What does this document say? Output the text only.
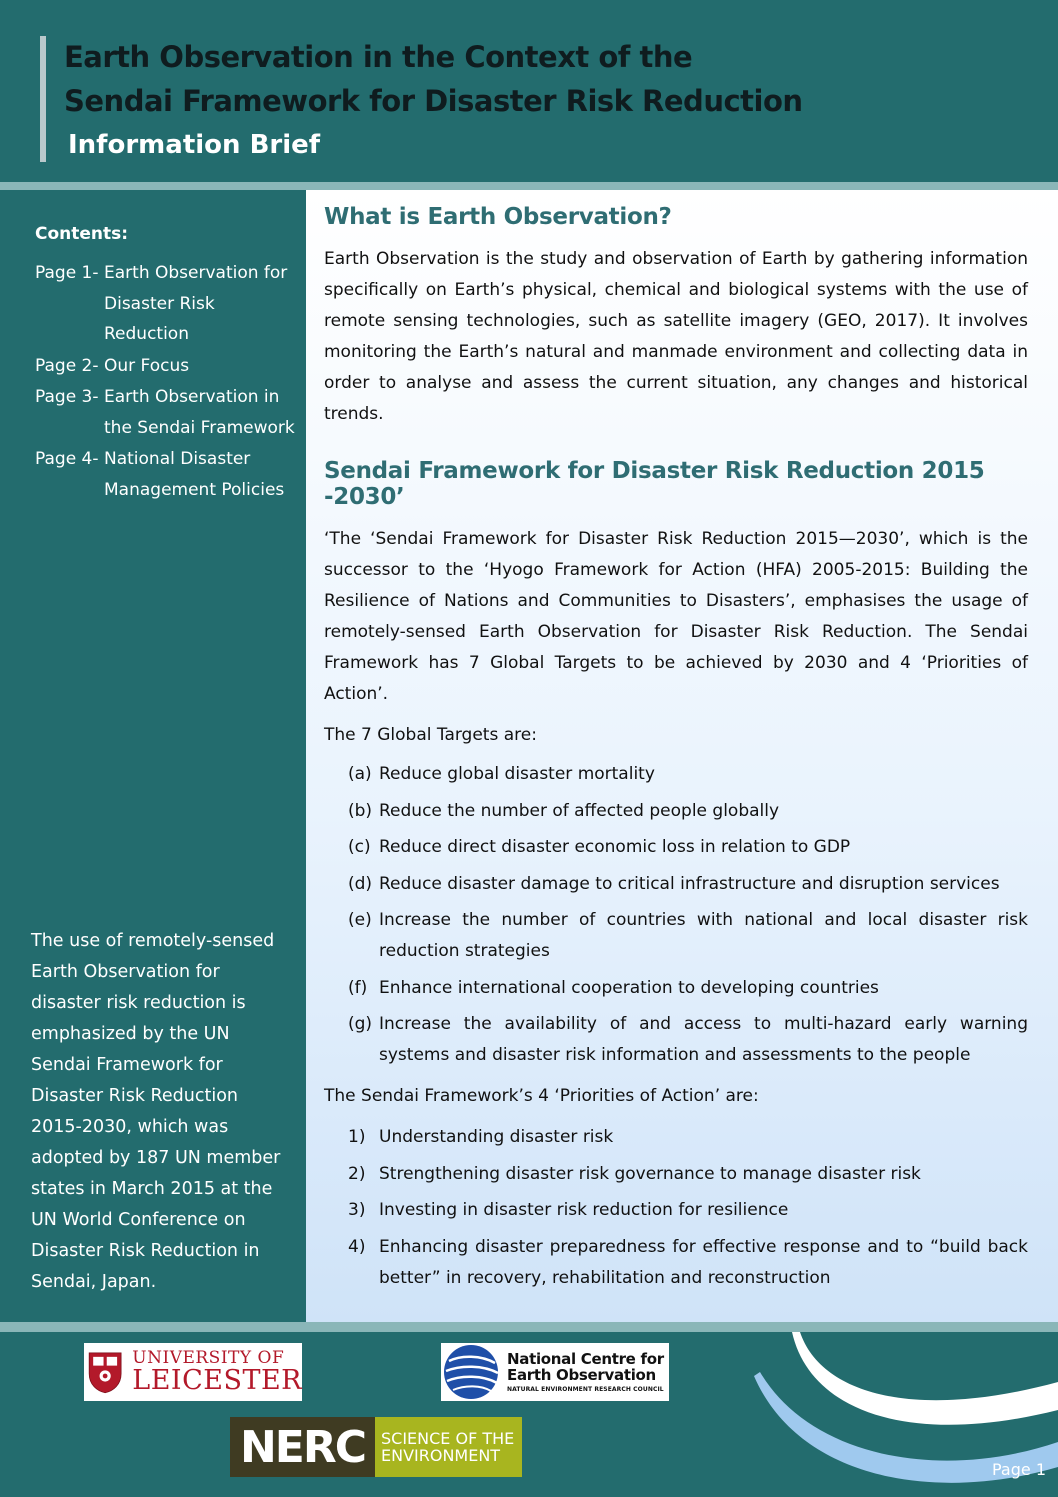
Earth Observation in the Context of the
Sendai Framework for Disaster Risk Reduction
Information Brief
Contents:
Page 1- Earth Observation for Disaster Risk Reduction
Page 2- Our Focus
Page 3- Earth Observation in the Sendai Framework
Page 4- National Disaster Management Policies
The use of remotely-sensed Earth Observation for disaster risk reduction is emphasized by the UN Sendai Framework for Disaster Risk Reduction 2015-2030, which was adopted by 187 UN member states in March 2015 at the UN World Conference on Disaster Risk Reduction in Sendai, Japan.
What is Earth Observation?

Earth Observation is the study and observation of Earth by gathering information specifically on Earth’s physical, chemical and biological systems with the use of remote sensing technologies, such as satellite imagery (GEO, 2017). It involves monitoring the Earth’s natural and manmade environment and collecting data in order to analyse and assess the current situation, any changes and historical trends.

Sendai Framework for Disaster Risk Reduction 2015 -2030’

‘The ‘Sendai Framework for Disaster Risk Reduction 2015—2030’, which is the successor to the ‘Hyogo Framework for Action (HFA) 2005-2015: Building the Resilience of Nations and Communities to Disasters’, emphasises the usage of remotely-sensed Earth Observation for Disaster Risk Reduction. The Sendai Framework has 7 Global Targets to be achieved by 2030 and 4 ‘Priorities of Action’.

The 7 Global Targets are:

(a) Reduce global disaster mortality
(b) Reduce the number of affected people globally
(c) Reduce direct disaster economic loss in relation to GDP
(d) Reduce disaster damage to critical infrastructure and disruption services
(e) Increase the number of countries with national and local disaster risk reduction strategies
(f) Enhance international cooperation to developing countries
(g) Increase the availability of and access to multi-hazard early warning systems and disaster risk information and assessments to the people

The Sendai Framework’s 4 ‘Priorities of Action’ are:

1) Understanding disaster risk
2) Strengthening disaster risk governance to manage disaster risk
3) Investing in disaster risk reduction for resilience
4) Enhancing disaster preparedness for effective response and to “build back better” in recovery, rehabilitation and reconstruction
UNIVERSITY OF
LEICESTER
National Centre for
Earth Observation
NATURAL ENVIRONMENT RESEARCH COUNCIL
NERC SCIENCE OF THE
ENVIRONMENT
Page 1
